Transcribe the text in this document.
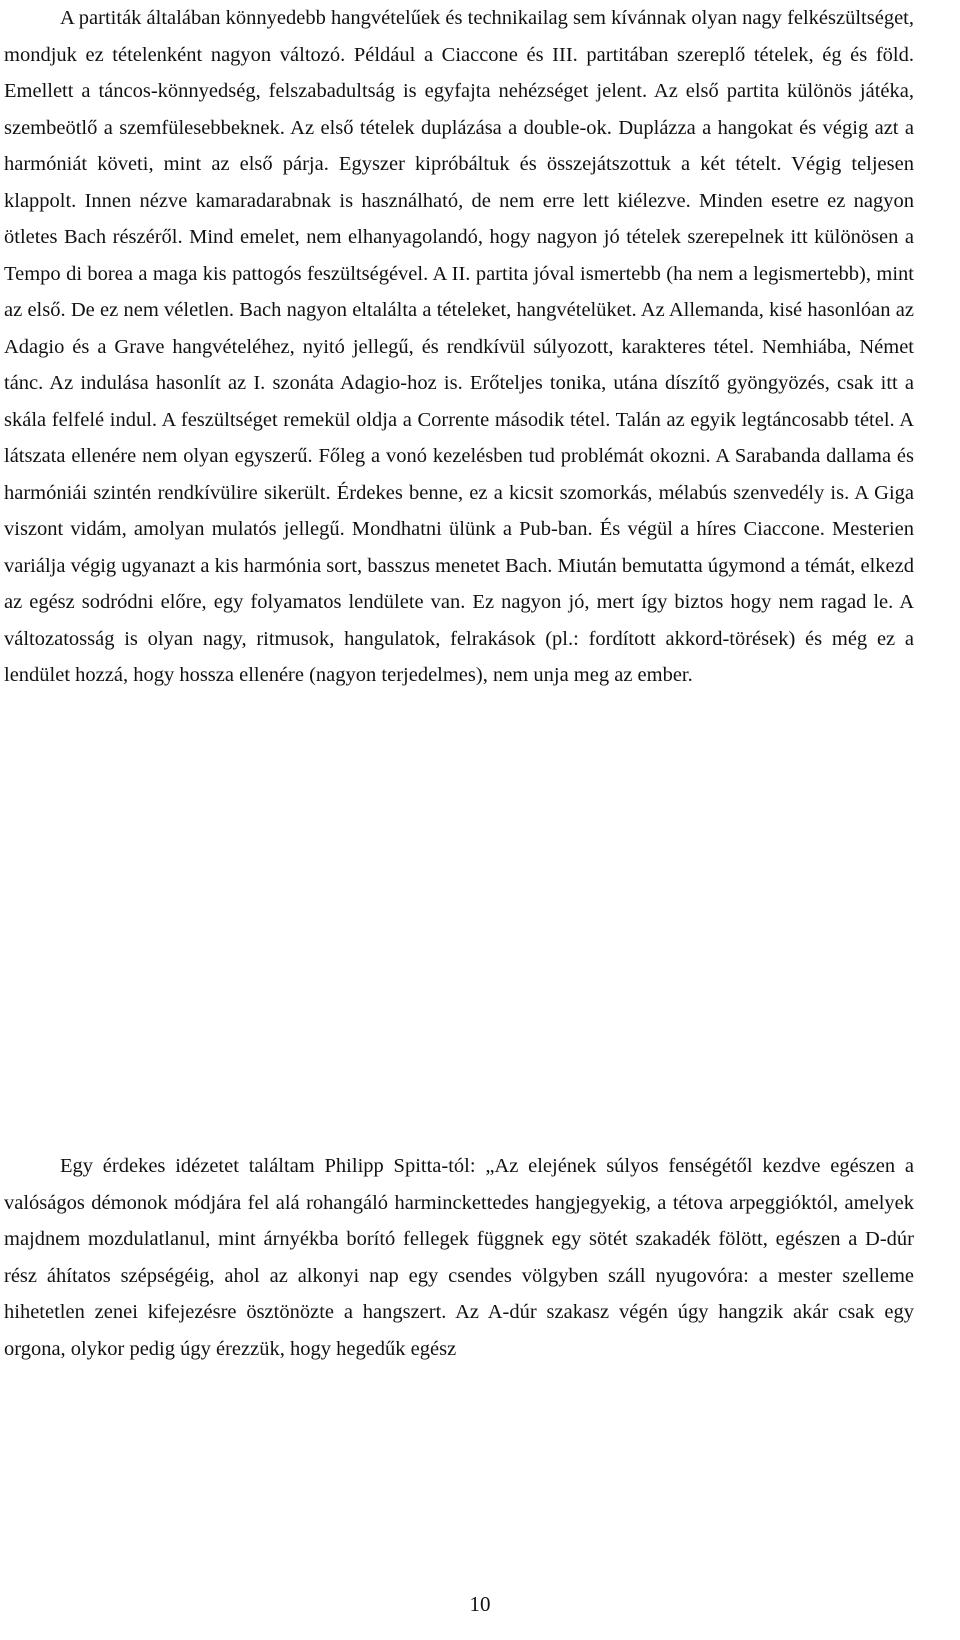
A partiták általában könnyedebb hangvételűek és technikailag sem kívánnak olyan nagy felkészültséget, mondjuk ez tételenként nagyon változó. Például a Ciaccone és III. partitában szereplő tételek, ég és föld. Emellett a táncos-könnyedség, felszabadultság is egyfajta nehézséget jelent. Az első partita különös játéka, szembeötlő a szemfülesebbeknek. Az első tételek duplázása a double-ok. Duplázza a hangokat és végig azt a harmóniát követi, mint az első párja. Egyszer kipróbáltuk és összejátszottuk a két tételt. Végig teljesen klappolt. Innen nézve kamaradarabnak is használható, de nem erre lett kiélezve. Minden esetre ez nagyon ötletes Bach részéről. Mind emelet, nem elhanyagolandó, hogy nagyon jó tételek szerepelnek itt különösen a Tempo di borea a maga kis pattogós feszültségével. A II. partita jóval ismertebb (ha nem a legismertebb), mint az első. De ez nem véletlen. Bach nagyon eltalálta a tételeket, hangvételüket. Az Allemanda, kisé hasonlóan az Adagio és a Grave hangvételéhez, nyitó jellegű, és rendkívül súlyozott, karakteres tétel. Nemhiába, Német tánc. Az indulása hasonlít az I. szonáta Adagio-hoz is. Erőteljes tonika, utána díszítő gyöngyözés, csak itt a skála felfelé indul. A feszültséget remekül oldja a Corrente második tétel. Talán az egyik legtáncosabb tétel. A látszata ellenére nem olyan egyszerű. Főleg a vonó kezelésben tud problémát okozni. A Sarabanda dallama és harmóniái szintén rendkívülire sikerült. Érdekes benne, ez a kicsit szomorkás, mélabús szenvedély is. A Giga viszont vidám, amolyan mulatós jellegű. Mondhatni ülünk a Pub-ban. És végül a híres Ciaccone. Mesterien variálja végig ugyanazt a kis harmónia sort, basszus menetet Bach. Miután bemutatta úgymond a témát, elkezd az egész sodródni előre, egy folyamatos lendülete van. Ez nagyon jó, mert így biztos hogy nem ragad le. A változatosság is olyan nagy, ritmusok, hangulatok, felrakások (pl.: fordított akkord-törések) és még ez a lendület hozzá, hogy hossza ellenére (nagyon terjedelmes), nem unja meg az ember.

Egy érdekes idézetet találtam Philipp Spitta-tól: „Az elejének súlyos fenségétől kezdve egészen a valóságos démonok módjára fel alá rohangáló harminckettedes hangjegyekig, a tétova arpeggióktól, amelyek majdnem mozdulatlanul, mint árnyékba borító fellegek függnek egy sötét szakadék fölött, egészen a D-dúr rész áhítatos szépségéig, ahol az alkonyi nap egy csendes völgyben száll nyugovóra: a mester szelleme hihetetlen zenei kifejezésre ösztönözte a hangszert. Az A-dúr szakasz végén úgy hangzik akár csak egy orgona, olykor pedig úgy érezzük, hogy hegedűk egész

10
